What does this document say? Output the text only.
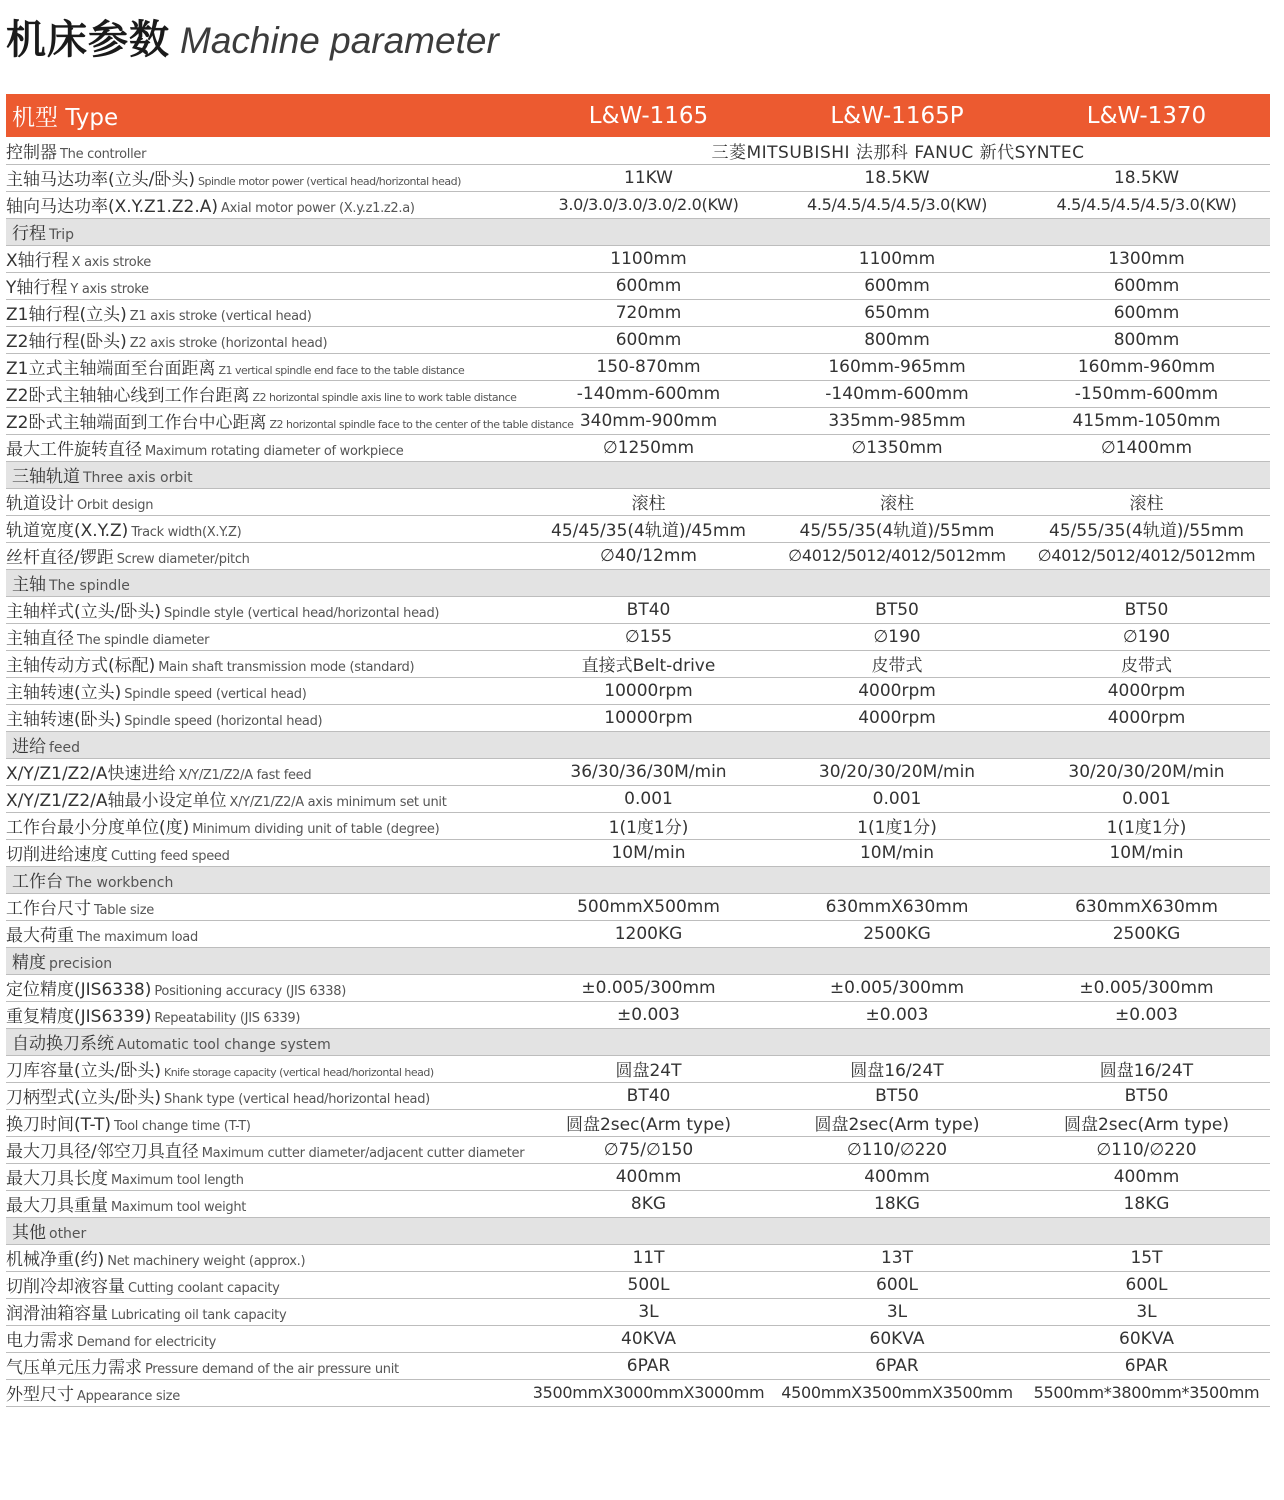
机床参数 Machine parameter
机型 Type	L&W-1165	L&W-1165P	L&W-1370
控制器 The controller	三菱MITSUBISHI 法那科 FANUC 新代SYNTEC		
主轴马达功率(立头/卧头) Spindle motor power (vertical head/horizontal head)	11KW	18.5KW	18.5KW
轴向马达功率(X.Y.Z1.Z2.A) Axial motor power (X.y.z1.z2.a)	3.0/3.0/3.0/3.0/2.0(KW)	4.5/4.5/4.5/4.5/3.0(KW)	4.5/4.5/4.5/4.5/3.0(KW)
行程 Trip			
X轴行程 X axis stroke	1100mm	1100mm	1300mm
Y轴行程 Y axis stroke	600mm	600mm	600mm
Z1轴行程(立头) Z1 axis stroke (vertical head)	720mm	650mm	600mm
Z2轴行程(卧头) Z2 axis stroke (horizontal head)	600mm	800mm	800mm
Z1立式主轴端面至台面距离 Z1 vertical spindle end face to the table distance	150-870mm	160mm-965mm	160mm-960mm
Z2卧式主轴轴心线到工作台距离 Z2 horizontal spindle axis line to work table distance	-140mm-600mm	-140mm-600mm	-150mm-600mm
Z2卧式主轴端面到工作台中心距离 Z2 horizontal spindle face to the center of the table distance	340mm-900mm	335mm-985mm	415mm-1050mm
最大工件旋转直径 Maximum rotating diameter of workpiece	∅1250mm	∅1350mm	∅1400mm
三轴轨道 Three axis orbit			
轨道设计 Orbit design	滚柱	滚柱	滚柱
轨道宽度(X.Y.Z) Track width(X.Y.Z)	45/45/35(4轨道)/45mm	45/55/35(4轨道)/55mm	45/55/35(4轨道)/55mm
丝杆直径/锣距 Screw diameter/pitch	∅40/12mm	∅4012/5012/4012/5012mm	∅4012/5012/4012/5012mm
主轴 The spindle			
主轴样式(立头/卧头) Spindle style (vertical head/horizontal head)	BT40	BT50	BT50
主轴直径 The spindle diameter	∅155	∅190	∅190
主轴传动方式(标配) Main shaft transmission mode (standard)	直接式Belt-drive	皮带式	皮带式
主轴转速(立头) Spindle speed (vertical head)	10000rpm	4000rpm	4000rpm
主轴转速(卧头) Spindle speed (horizontal head)	10000rpm	4000rpm	4000rpm
进给 feed			
X/Y/Z1/Z2/A快速进给 X/Y/Z1/Z2/A fast feed	36/30/36/30M/min	30/20/30/20M/min	30/20/30/20M/min
X/Y/Z1/Z2/A轴最小设定单位 X/Y/Z1/Z2/A axis minimum set unit	0.001	0.001	0.001
工作台最小分度单位(度) Minimum dividing unit of table (degree)	1(1度1分)	1(1度1分)	1(1度1分)
切削进给速度 Cutting feed speed	10M/min	10M/min	10M/min
工作台 The workbench			
工作台尺寸 Table size	500mmX500mm	630mmX630mm	630mmX630mm
最大荷重 The maximum load	1200KG	2500KG	2500KG
精度 precision			
定位精度(JIS6338) Positioning accuracy (JIS 6338)	±0.005/300mm	±0.005/300mm	±0.005/300mm
重复精度(JIS6339) Repeatability (JIS 6339)	±0.003	±0.003	±0.003
自动换刀系统 Automatic tool change system			
刀库容量(立头/卧头) Knife storage capacity (vertical head/horizontal head)	圆盘24T	圆盘16/24T	圆盘16/24T
刀柄型式(立头/卧头) Shank type (vertical head/horizontal head)	BT40	BT50	BT50
换刀时间(T-T) Tool change time (T-T)	圆盘2sec(Arm type)	圆盘2sec(Arm type)	圆盘2sec(Arm type)
最大刀具径/邻空刀具直径 Maximum cutter diameter/adjacent cutter diameter	∅75/∅150	∅110/∅220	∅110/∅220
最大刀具长度 Maximum tool length	400mm	400mm	400mm
最大刀具重量 Maximum tool weight	8KG	18KG	18KG
其他 other			
机械净重(约) Net machinery weight (approx.)	11T	13T	15T
切削冷却液容量 Cutting coolant capacity	500L	600L	600L
润滑油箱容量 Lubricating oil tank capacity	3L	3L	3L
电力需求 Demand for electricity	40KVA	60KVA	60KVA
气压单元压力需求 Pressure demand of the air pressure unit	6PAR	6PAR	6PAR
外型尺寸 Appearance size	3500mmX3000mmX3000mm	4500mmX3500mmX3500mm	5500mm*3800mm*3500mm
